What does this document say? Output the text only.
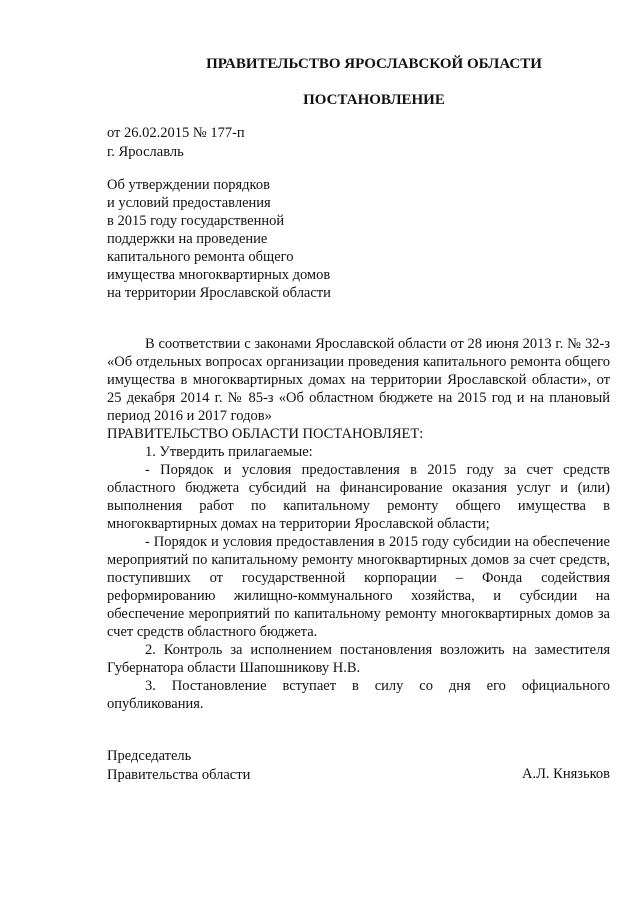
ПРАВИТЕЛЬСТВО ЯРОСЛАВСКОЙ ОБЛАСТИ
ПОСТАНОВЛЕНИЕ
от 26.02.2015 № 177-п
г. Ярославль
Об утверждении порядков
и условий предоставления
в 2015 году государственной
поддержки на проведение
капитального ремонта общего
имущества многоквартирных домов
на территории Ярославской области

В соответствии с законами Ярославской области от 28 июня 2013 г. № 32-з «Об отдельных вопросах организации проведения капитального ремонта общего имущества в многоквартирных домах на территории Ярославской области», от 25 декабря 2014 г. № 85-з «Об областном бюджете на 2015 год и на плановый период 2016 и 2017 годов»

ПРАВИТЕЛЬСТВО ОБЛАСТИ ПОСТАНОВЛЯЕТ:

1. Утвердить прилагаемые:

- Порядок и условия предоставления в 2015 году за счет средств областного бюджета субсидий на финансирование оказания услуг и (или) выполнения работ по капитальному ремонту общего имущества в многоквартирных домах на территории Ярославской области;

- Порядок и условия предоставления в 2015 году субсидии на обеспечение мероприятий по капитальному ремонту многоквартирных домов за счет средств, поступивших от государственной корпорации – Фонда содействия реформированию жилищно-коммунального хозяйства, и субсидии на обеспечение мероприятий по капитальному ремонту многоквартирных домов за счет средств областного бюджета.

2. Контроль за исполнением постановления возложить на заместителя Губернатора области Шапошникову Н.В.

3. Постановление вступает в силу со дня его официального опубликования.

Председатель
Правительства области	А.Л. Князьков
